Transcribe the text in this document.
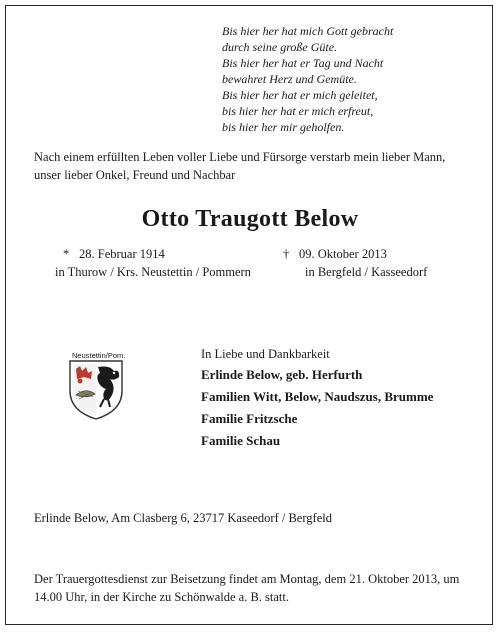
Bis hier her hat mich Gott gebracht
durch seine große Güte.
Bis hier her hat er Tag und Nacht
bewahret Herz und Gemüte.
Bis hier her hat er mich geleitet,
bis hier her hat er mich erfreut,
bis hier her mir geholfen.
Nach einem erfüllten Leben voller Liebe und Fürsorge verstarb mein lieber Mann, unser lieber Onkel, Freund und Nachbar
Otto Traugott Below
* 28. Februar 1914	† 09. Oktober 2013
in Thurow / Krs. Neustettin / Pommern	in Bergfeld / Kasseedorf
Neustettin/Pom.	In Liebe und Dankbarkeit
Erlinde Below, geb. Herfurth
Familien Witt, Below, Naudszus, Brumme
Familie Fritzsche
Familie Schau
Erlinde Below, Am Clasberg 6, 23717 Kaseedorf / Bergfeld
Der Trauergottesdienst zur Beisetzung findet am Montag, dem 21. Oktober 2013, um 14.00 Uhr, in der Kirche zu Schönwalde a. B. statt.
